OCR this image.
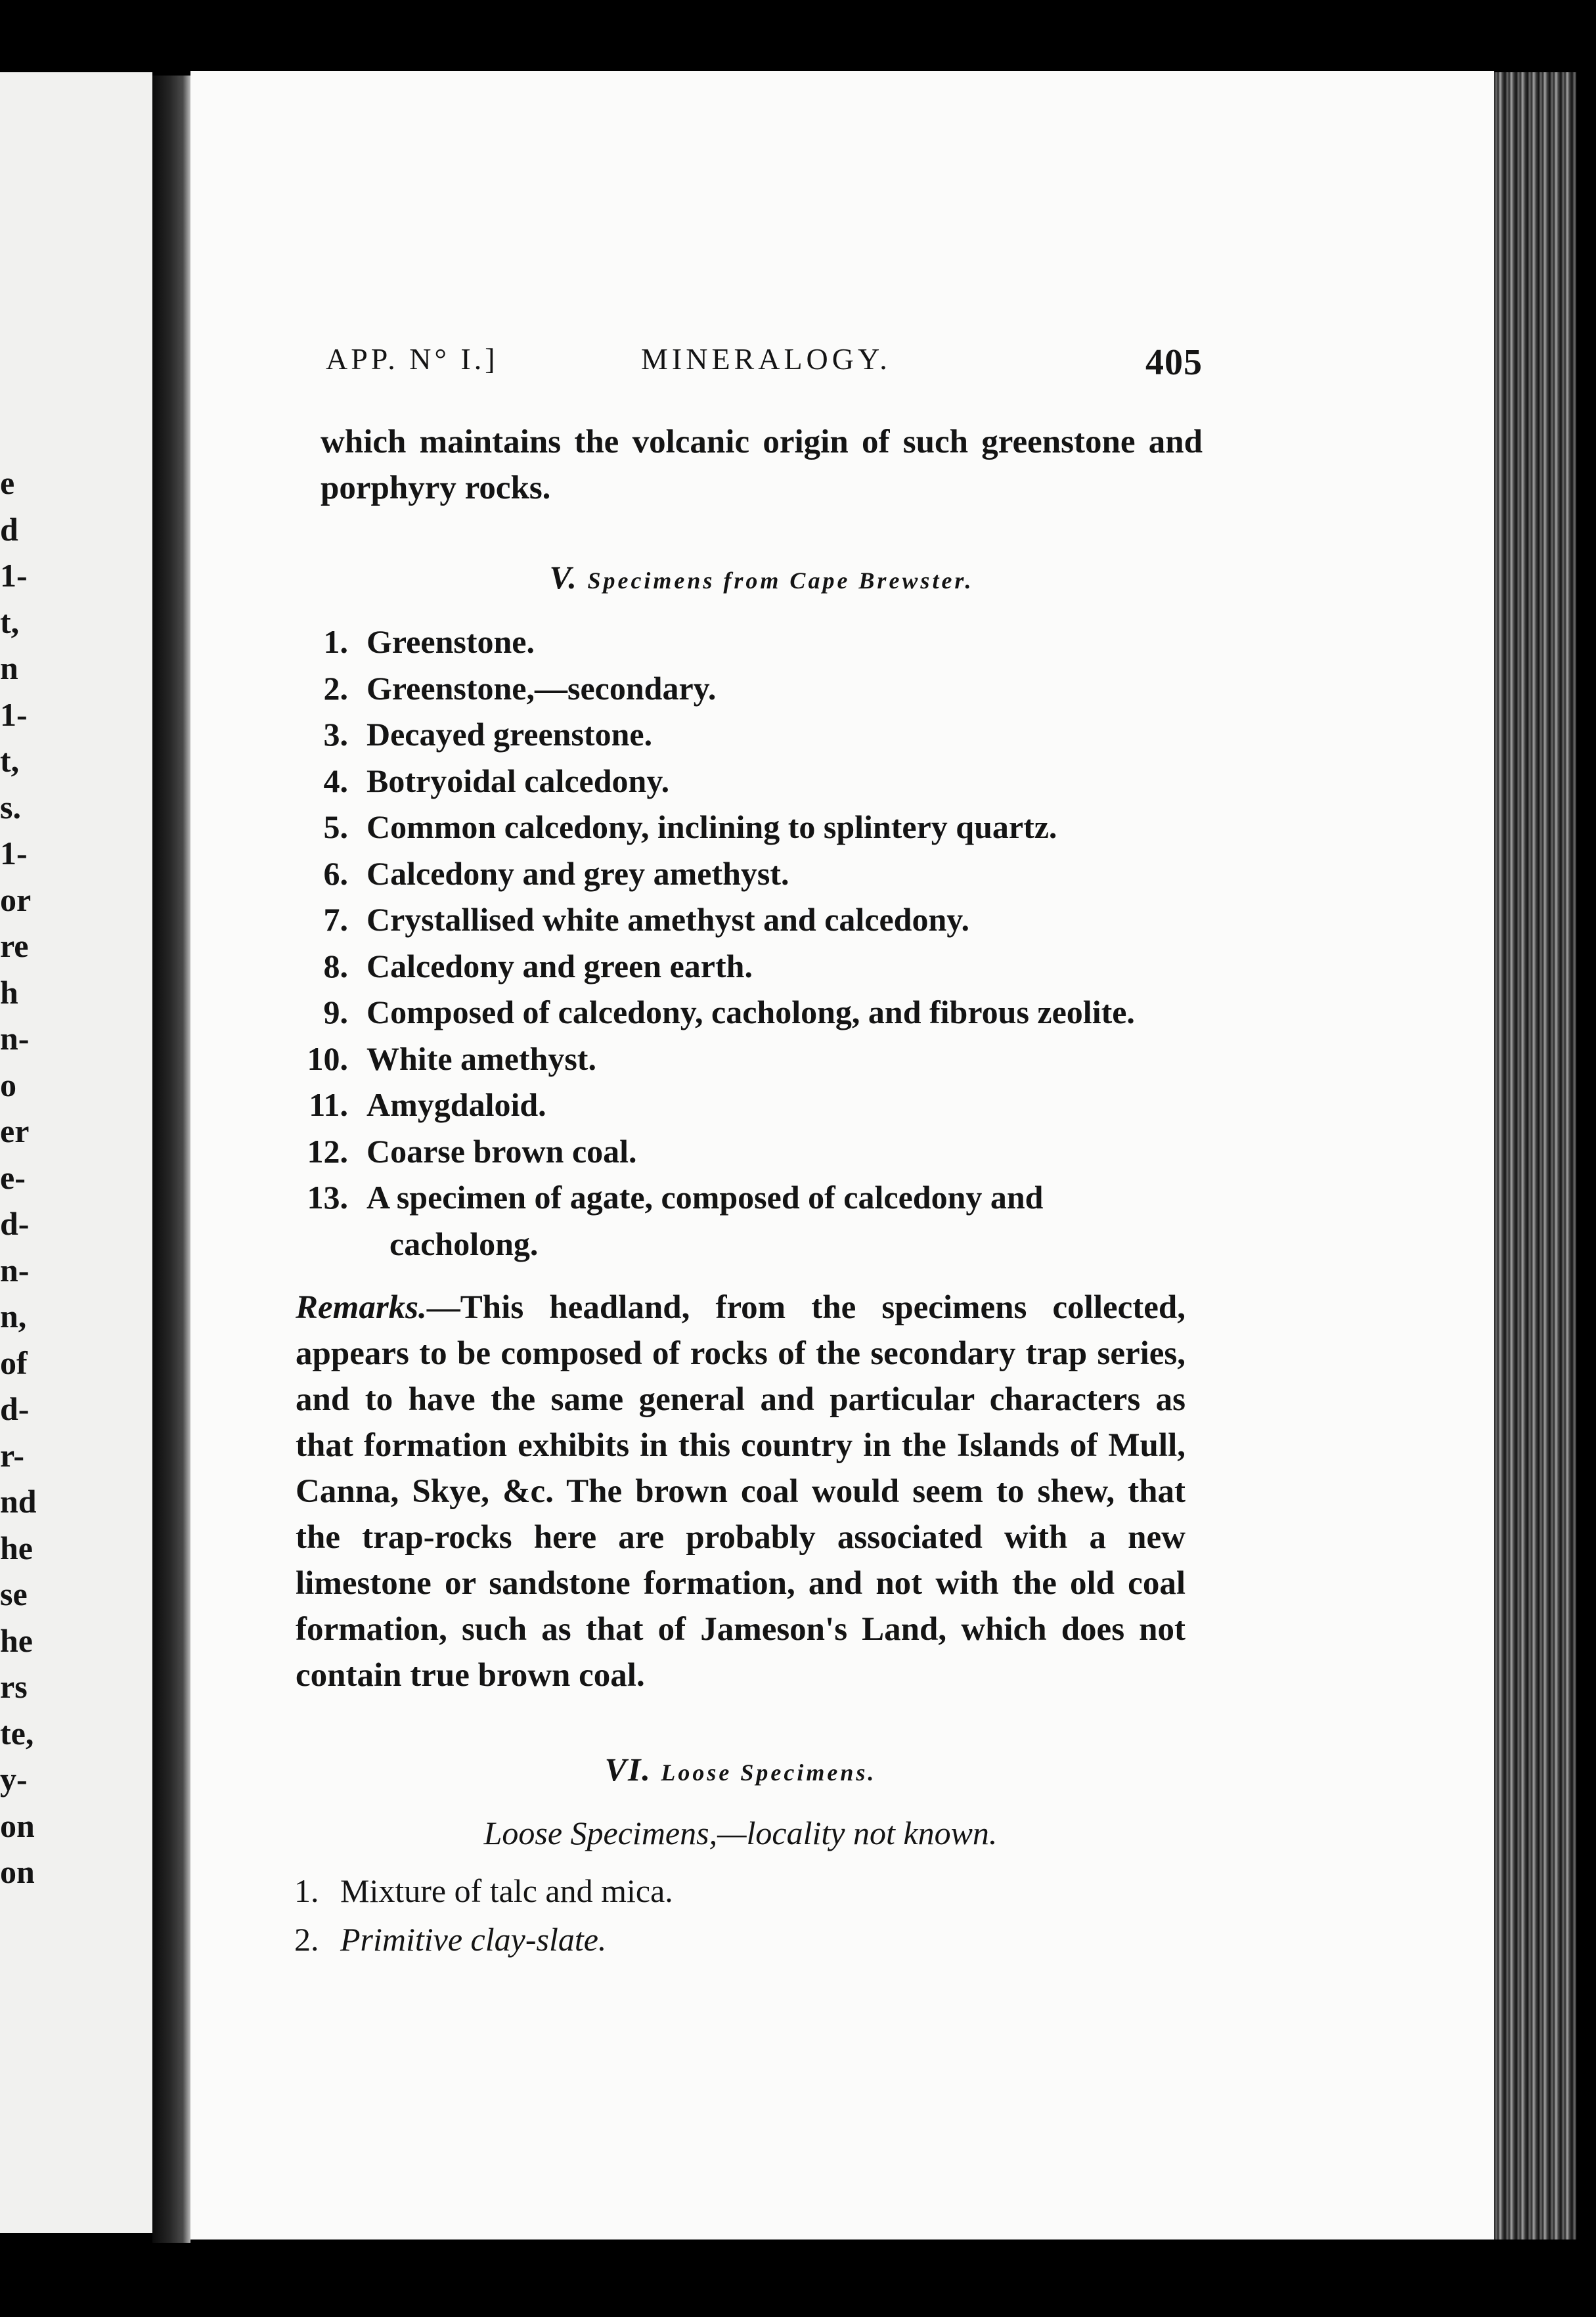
e
d
1-
t,
n
1-
t,
s.
1-
or
re
h
n-
o
er
e-
d-
n-
n,
of
d-
r-
nd
he
se
he
rs
te,
y-
on
on
APP. N° I.]	MINERALOGY.	405
which maintains the volcanic origin of such greenstone and porphyry rocks.
V. Specimens from Cape Brewster.
1. Greenstone.
2. Greenstone,—secondary.
3. Decayed greenstone.
4. Botryoidal calcedony.
5. Common calcedony, inclining to splintery quartz.
6. Calcedony and grey amethyst.
7. Crystallised white amethyst and calcedony.
8. Calcedony and green earth.
9. Composed of calcedony, cacholong, and fibrous zeolite.
10. White amethyst.
11. Amygdaloid.
12. Coarse brown coal.
13. A specimen of agate, composed of calcedony and
cacholong.
Remarks.—This headland, from the specimens collected, appears to be composed of rocks of the secondary trap series, and to have the same general and particular characters as that formation exhibits in this country in the Islands of Mull, Canna, Skye, &c. The brown coal would seem to shew, that the trap-rocks here are probably associated with a new limestone or sandstone formation, and not with the old coal formation, such as that of Jameson's Land, which does not contain true brown coal.
VI. Loose Specimens.
Loose Specimens,—locality not known.
1. Mixture of talc and mica.
2. Primitive clay-slate.
